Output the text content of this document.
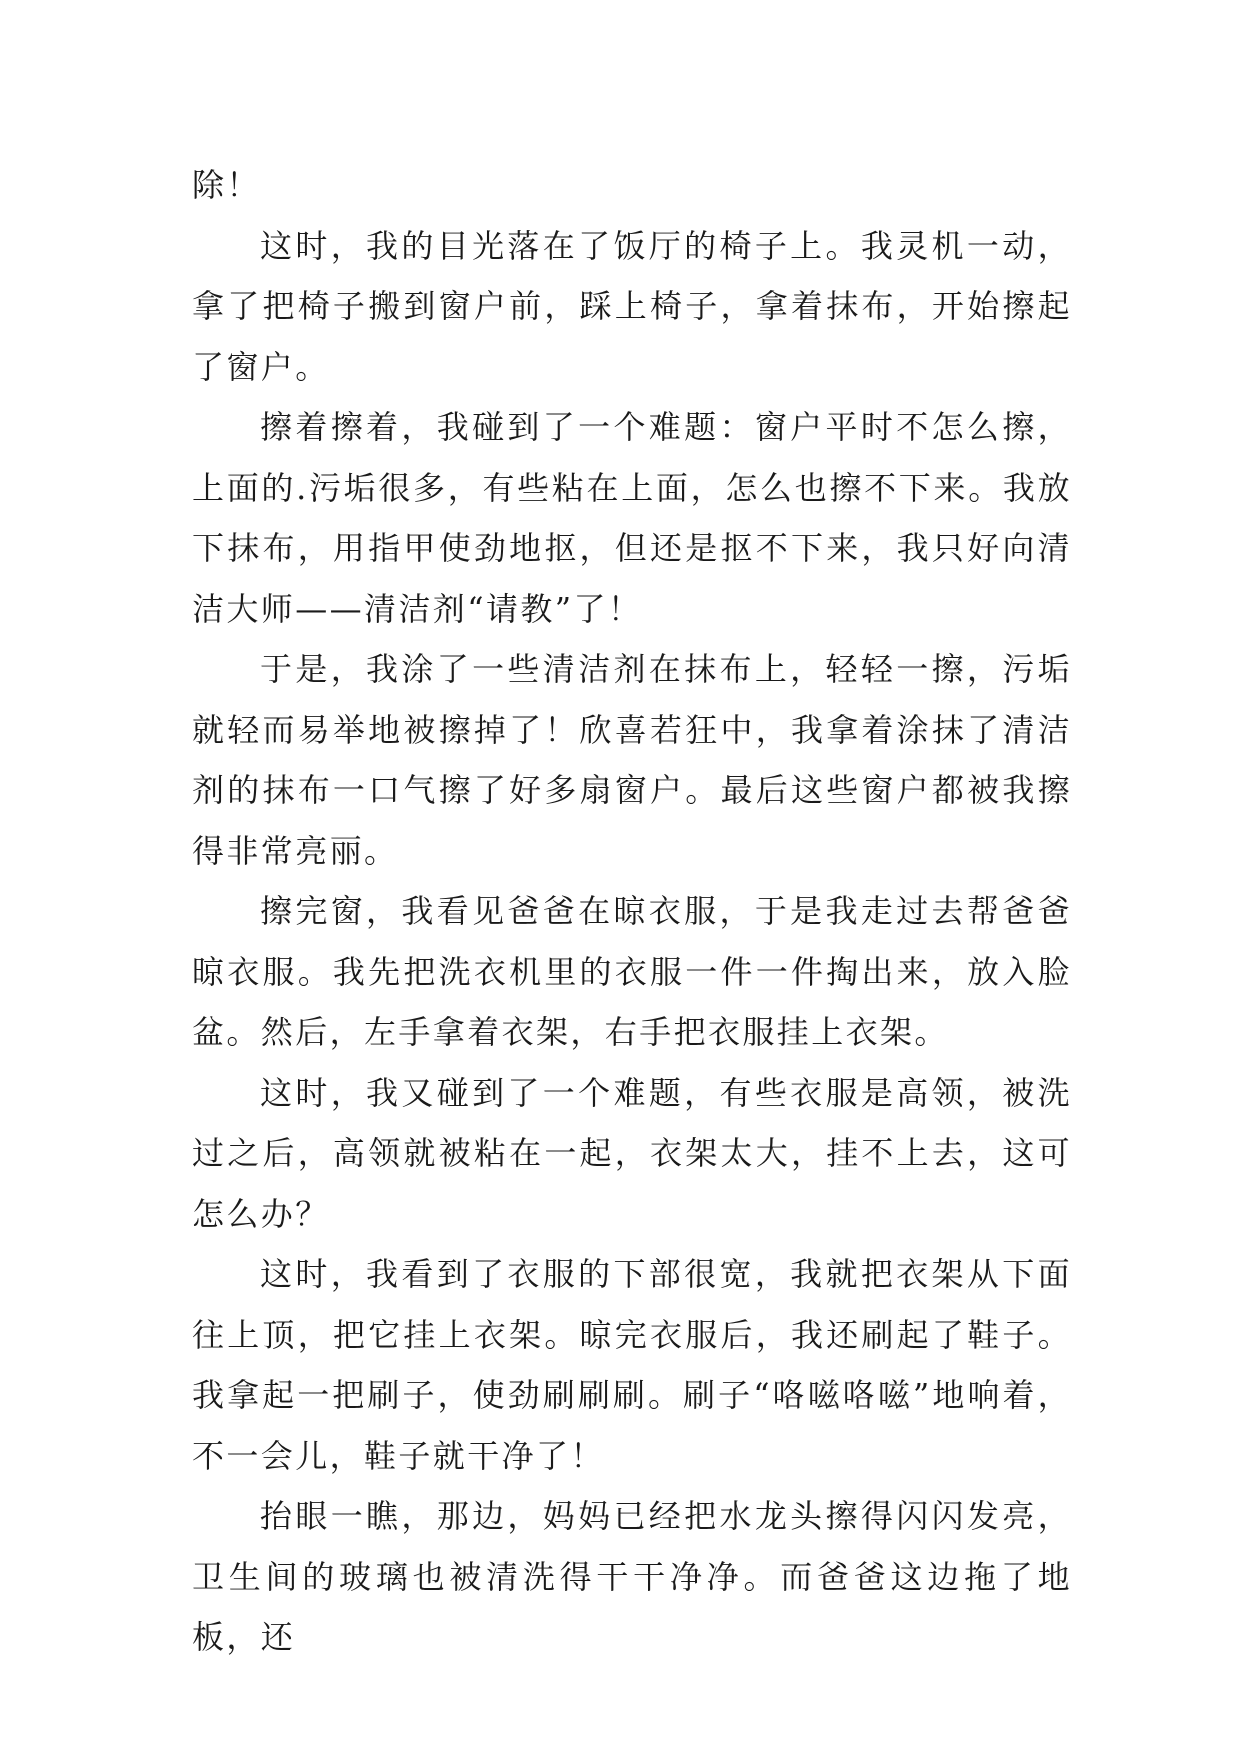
除！

这时，我的目光落在了饭厅的椅子上。我灵机一动，拿了把椅子搬到窗户前，踩上椅子，拿着抹布，开始擦起了窗户。

擦着擦着，我碰到了一个难题：窗户平时不怎么擦，上面的.污垢很多，有些粘在上面，怎么也擦不下来。我放下抹布，用指甲使劲地抠，但还是抠不下来，我只好向清洁大师——清洁剂“请教”了！

于是，我涂了一些清洁剂在抹布上，轻轻一擦，污垢就轻而易举地被擦掉了！欣喜若狂中，我拿着涂抹了清洁剂的抹布一口气擦了好多扇窗户。最后这些窗户都被我擦得非常亮丽。

擦完窗，我看见爸爸在晾衣服，于是我走过去帮爸爸晾衣服。我先把洗衣机里的衣服一件一件掏出来，放入脸盆。然后，左手拿着衣架，右手把衣服挂上衣架。

这时，我又碰到了一个难题，有些衣服是高领，被洗过之后，高领就被粘在一起，衣架太大，挂不上去，这可怎么办？

这时，我看到了衣服的下部很宽，我就把衣架从下面往上顶，把它挂上衣架。晾完衣服后，我还刷起了鞋子。我拿起一把刷子，使劲刷刷刷。刷子“咯嗞咯嗞”地响着，不一会儿，鞋子就干净了！

抬眼一瞧，那边，妈妈已经把水龙头擦得闪闪发亮，卫生间的玻璃也被清洗得干干净净。而爸爸这边拖了地板，还
